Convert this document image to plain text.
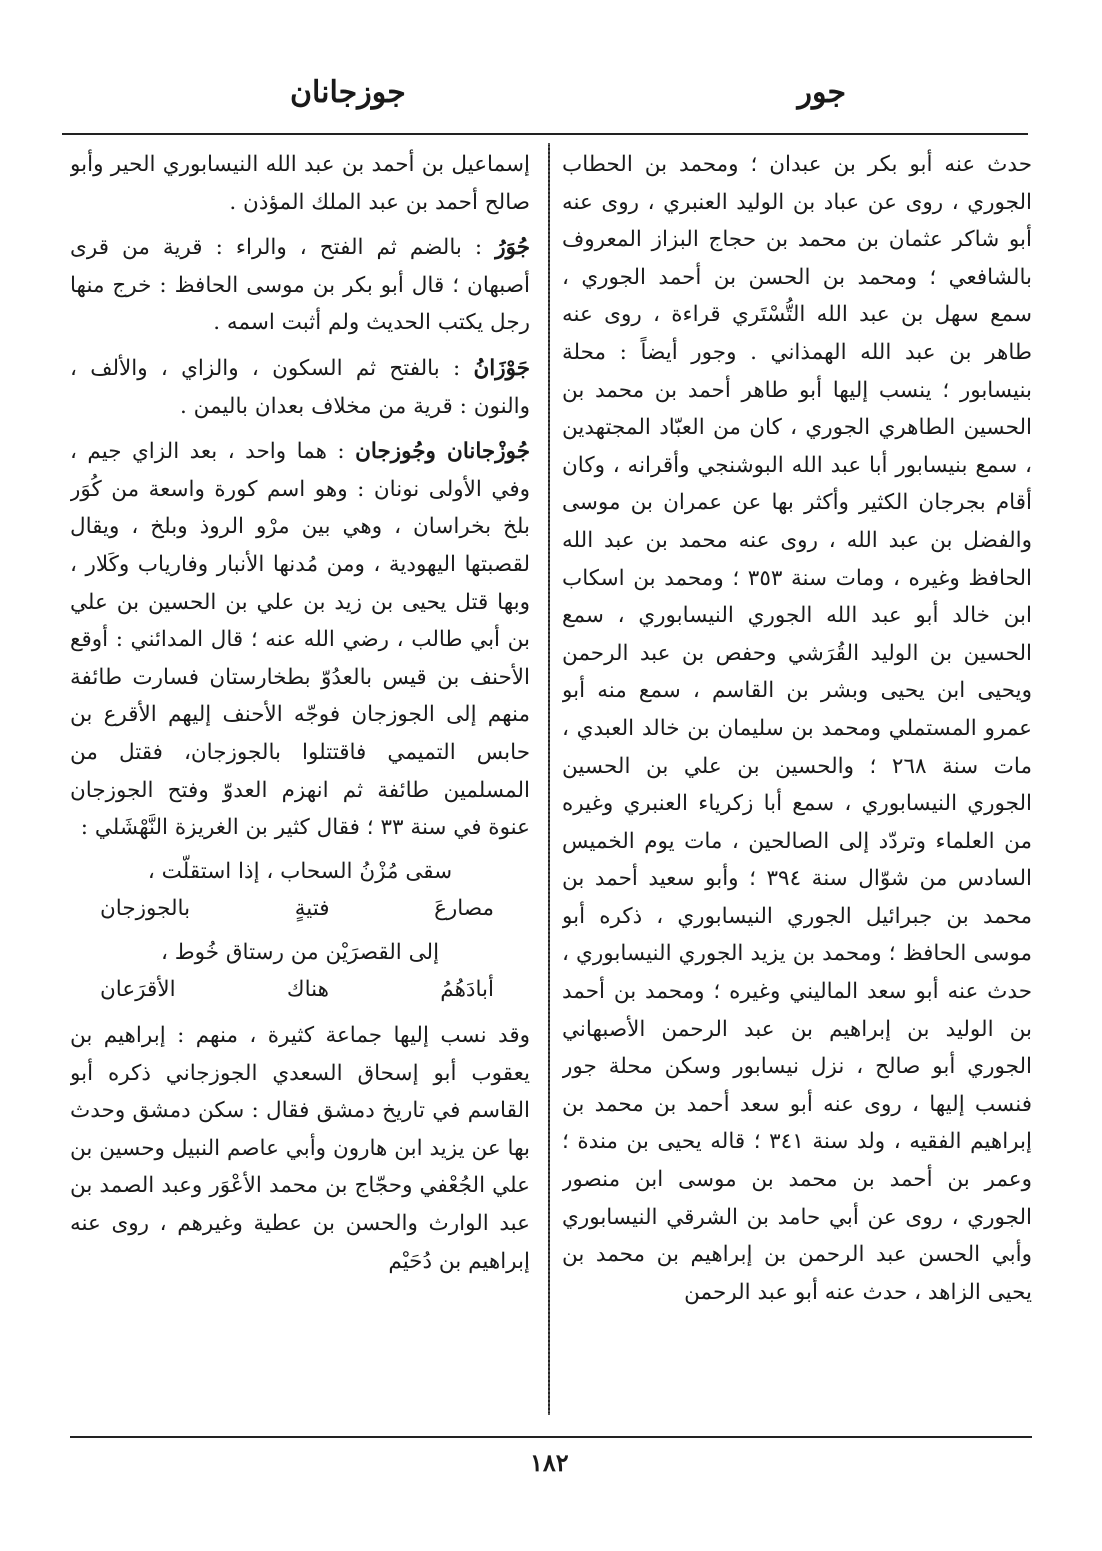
جور
جوزجانان

حدث عنه أبو بكر بن عبدان ؛ ومحمد بن الحطاب الجوري ، روى عن عباد بن الوليد العنبري ، روى عنه أبو شاكر عثمان بن محمد بن حجاج البزاز المعروف بالشافعي ؛ ومحمد بن الحسن بن أحمد الجوري ، سمع سهل بن عبد الله التُّسْتَري قراءة ، روى عنه طاهر بن عبد الله الهمذاني . وجور أيضاً : محلة بنيسابور ؛ ينسب إليها أبو طاهر أحمد بن محمد بن الحسين الطاهري الجوري ، كان من العبّاد المجتهدين ، سمع بنيسابور أبا عبد الله البوشنجي وأقرانه ، وكان أقام بجرجان الكثير وأكثر بها عن عمران بن موسى والفضل بن عبد الله ، روى عنه محمد بن عبد الله الحافظ وغيره ، ومات سنة ٣٥٣ ؛ ومحمد بن اسكاب ابن خالد أبو عبد الله الجوري النيسابوري ، سمع الحسين بن الوليد القُرَشي وحفص بن عبد الرحمن ويحيى ابن يحيى وبشر بن القاسم ، سمع منه أبو عمرو المستملي ومحمد بن سليمان بن خالد العبدي ، مات سنة ٢٦٨ ؛ والحسين بن علي بن الحسين الجوري النيسابوري ، سمع أبا زكرياء العنبري وغيره من العلماء وتردّد إلى الصالحين ، مات يوم الخميس السادس من شوّال سنة ٣٩٤ ؛ وأبو سعيد أحمد بن محمد بن جبرائيل الجوري النيسابوري ، ذكره أبو موسى الحافظ ؛ ومحمد بن يزيد الجوري النيسابوري ، حدث عنه أبو سعد الماليني وغيره ؛ ومحمد بن أحمد بن الوليد بن إبراهيم بن عبد الرحمن الأصبهاني الجوري أبو صالح ، نزل نيسابور وسكن محلة جور فنسب إليها ، روى عنه أبو سعد أحمد بن محمد بن إبراهيم الفقيه ، ولد سنة ٣٤١ ؛ قاله يحيى بن مندة ؛ وعمر بن أحمد بن محمد بن موسى ابن منصور الجوري ، روى عن أبي حامد بن الشرقي النيسابوري وأبي الحسن عبد الرحمن بن إبراهيم بن محمد بن يحيى الزاهد ، حدث عنه أبو عبد الرحمن

إسماعيل بن أحمد بن عبد الله النيسابوري الحير وأبو صالح أحمد بن عبد الملك المؤذن .

جُوَرُ : بالضم ثم الفتح ، والراء : قرية من قرى أصبهان ؛ قال أبو بكر بن موسى الحافظ : خرج منها رجل يكتب الحديث ولم أثبت اسمه .

جَوْزَانُ : بالفتح ثم السكون ، والزاي ، والألف ، والنون : قرية من مخلاف بعدان باليمن .

جُوزْجانان وجُوزجان : هما واحد ، بعد الزاي جيم ، وفي الأولى نونان : وهو اسم كورة واسعة من كُوَر بلخ بخراسان ، وهي بين مرْو الروذ وبلخ ، ويقال لقصبتها اليهودية ، ومن مُدنها الأنبار وفارياب وكَلار ، وبها قتل يحيى بن زيد بن علي بن الحسين بن علي بن أبي طالب ، رضي الله عنه ؛ قال المدائني : أوقع الأحنف بن قيس بالعدُوّ بطخارستان فسارت طائفة منهم إلى الجوزجان فوجّه الأحنف إليهم الأقرع بن حابس التميمي فاقتتلوا بالجوزجان، فقتل من المسلمين طائفة ثم انهزم العدوّ وفتح الجوزجان عنوة في سنة ٣٣ ؛ فقال كثير بن الغريزة النَّهْشَلي :

سقى مُزْنُ السحاب ، إذا استقلّت ،
مصارعَ
فتيةٍ
بالجوزجان
إلى القصرَيْن من رستاق خُوط ،
أبادَهُمُ
هناك
الأقرَعان

وقد نسب إليها جماعة كثيرة ، منهم : إبراهيم بن يعقوب أبو إسحاق السعدي الجوزجاني ذكره أبو القاسم في تاريخ دمشق فقال : سكن دمشق وحدث بها عن يزيد ابن هارون وأبي عاصم النبيل وحسين بن علي الجُعْفي وحجّاج بن محمد الأعْوَر وعبد الصمد بن عبد الوارث والحسن بن عطية وغيرهم ، روى عنه إبراهيم بن دُحَيْم

١٨٢
